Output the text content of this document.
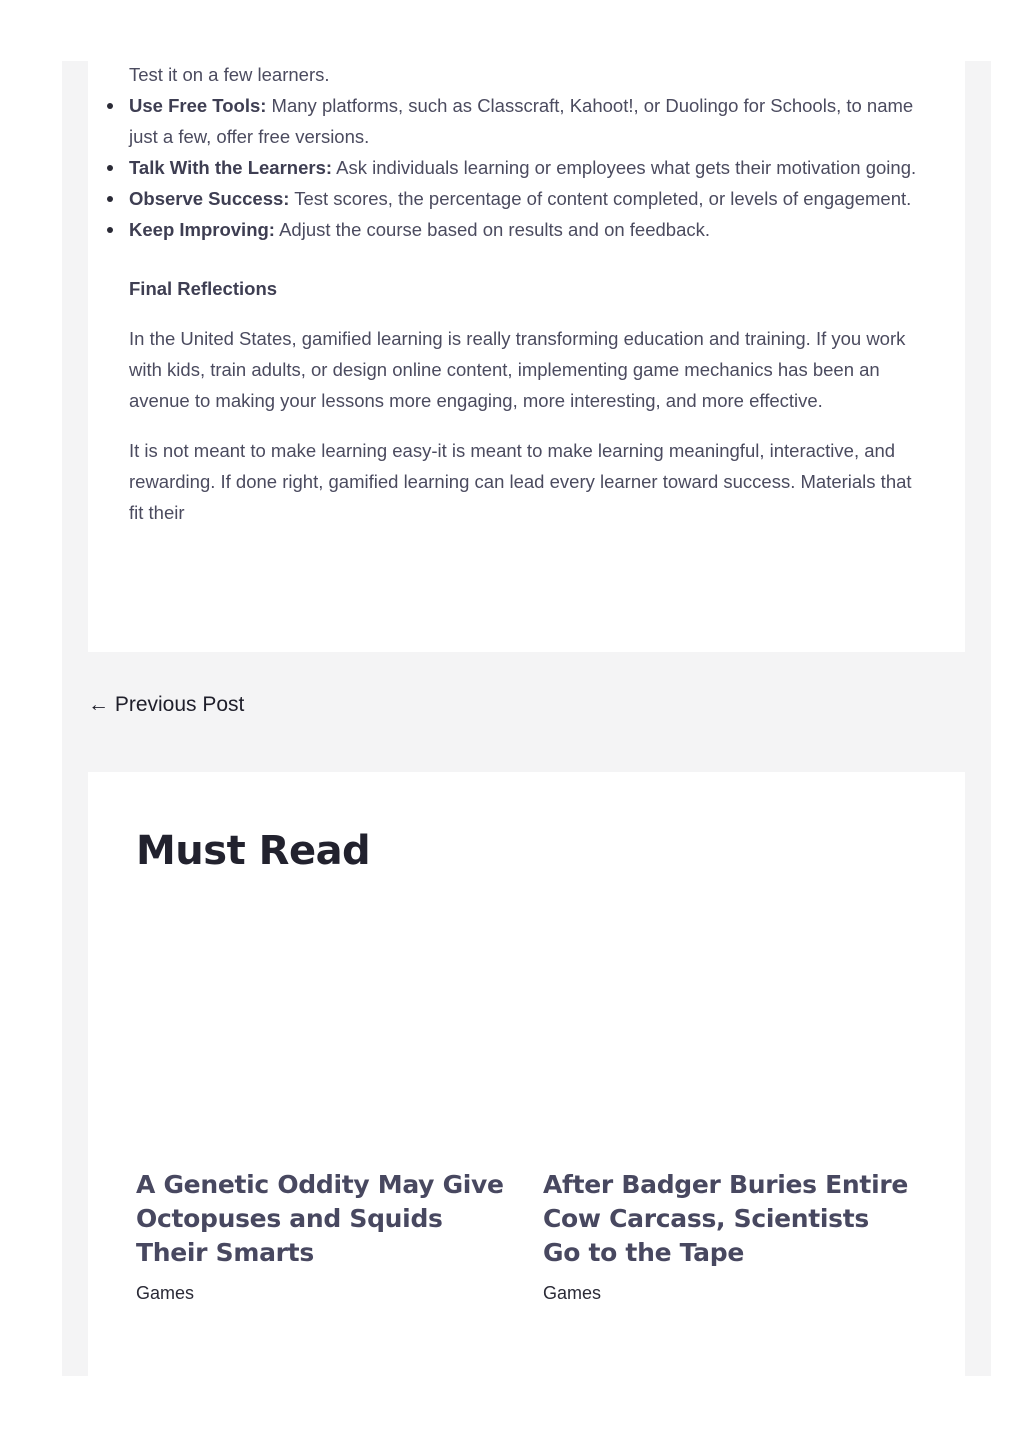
Test it on a few learners.

Use Free Tools: Many platforms, such as Classcraft, Kahoot!, or Duolingo for Schools, to name just a few, offer free versions.
Talk With the Learners: Ask individuals learning or employees what gets their motivation going.
Observe Success: Test scores, the percentage of content completed, or levels of engagement.
Keep Improving: Adjust the course based on results and on feedback.
Final Reflections

In the United States, gamified learning is really transforming education and training. If you work with kids, train adults, or design online content, implementing game mechanics has been an avenue to making your lessons more engaging, more interesting, and more effective.

It is not meant to make learning easy-it is meant to make learning meaningful, interactive, and rewarding. If done right, gamified learning can lead every learner toward success. Materials that fit their

← Previous Post
Must Read
A Genetic Oddity May Give Octopuses and Squids Their Smarts
Games
After Badger Buries Entire Cow Carcass, Scientists Go to the Tape
Games
